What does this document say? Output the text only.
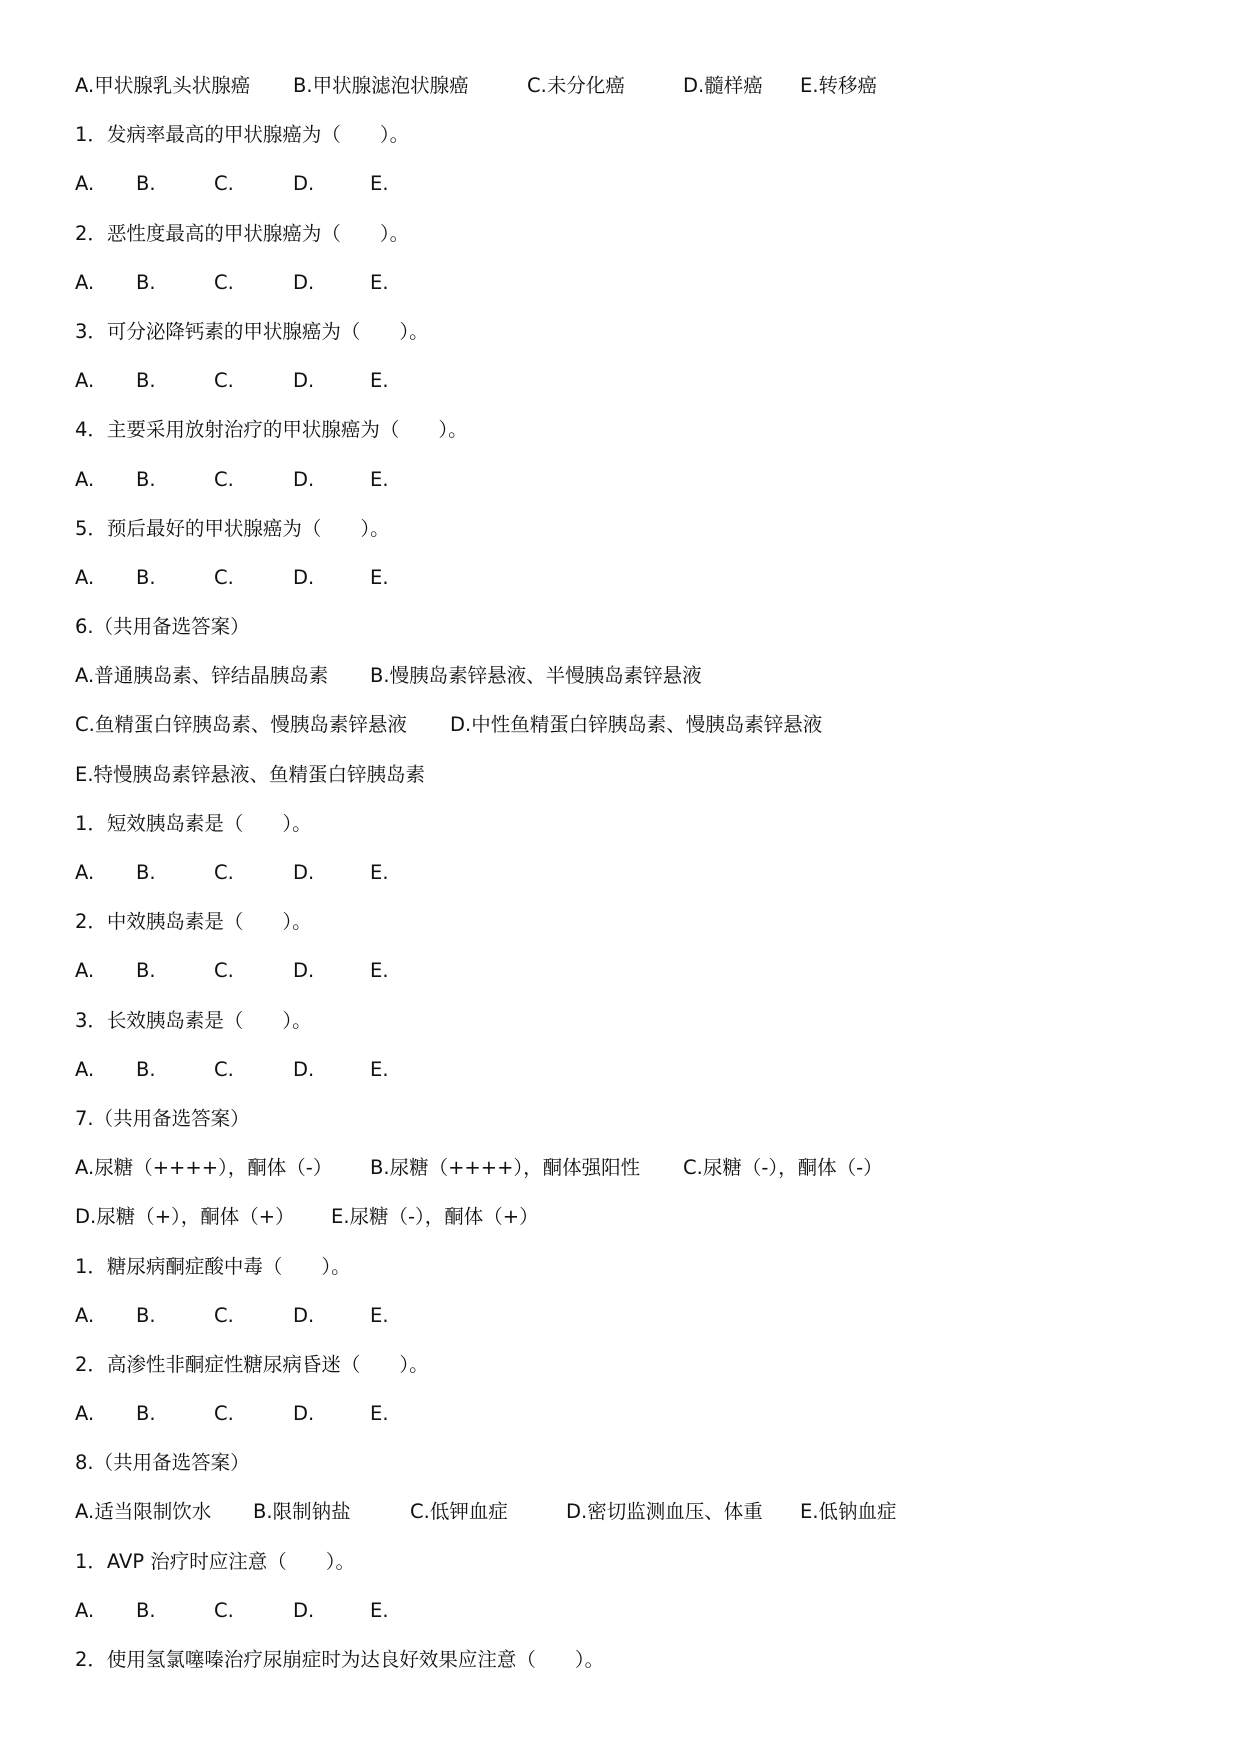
A.甲状腺乳头状腺癌 B.甲状腺滤泡状腺癌	C.未分化癌	D.髓样癌 E.转移癌
1．发病率最高的甲状腺癌为（　　）。
A. B.	C.	D.	E.
2．恶性度最高的甲状腺癌为（　　）。
A. B.	C.	D.	E.
3．可分泌降钙素的甲状腺癌为（　　）。
A. B.	C.	D.	E.
4．主要采用放射治疗的甲状腺癌为（　　）。
A. B.	C.	D.	E.
5．预后最好的甲状腺癌为（　　）。
A. B.	C.	D.	E.
6.（共用备选答案）
A.普通胰岛素、锌结晶胰岛素 B.慢胰岛素锌悬液、半慢胰岛素锌悬液
C.鱼精蛋白锌胰岛素、慢胰岛素锌悬液 D.中性鱼精蛋白锌胰岛素、慢胰岛素锌悬液
E.特慢胰岛素锌悬液、鱼精蛋白锌胰岛素
1．短效胰岛素是（　　）。
A. B.	C.	D.	E.
2．中效胰岛素是（　　）。
A. B.	C.	D.	E.
3．长效胰岛素是（　　）。
A. B.	C.	D.	E.
7.（共用备选答案）
A.尿糖（++++），酮体（-） B.尿糖（++++），酮体强阳性 C.尿糖（-），酮体（-）
D.尿糖（+），酮体（+） E.尿糖（-），酮体（+）
1．糖尿病酮症酸中毒（　　）。
A. B.	C.	D.	E.
2．高渗性非酮症性糖尿病昏迷（　　）。
A. B.	C.	D.	E.
8.（共用备选答案）
A.适当限制饮水 B.限制钠盐	C.低钾血症	D.密切监测血压、体重 E.低钠血症
1．AVP 治疗时应注意（　　）。
A. B.	C.	D.	E.
2．使用氢氯噻嗪治疗尿崩症时为达良好效果应注意（　　）。
